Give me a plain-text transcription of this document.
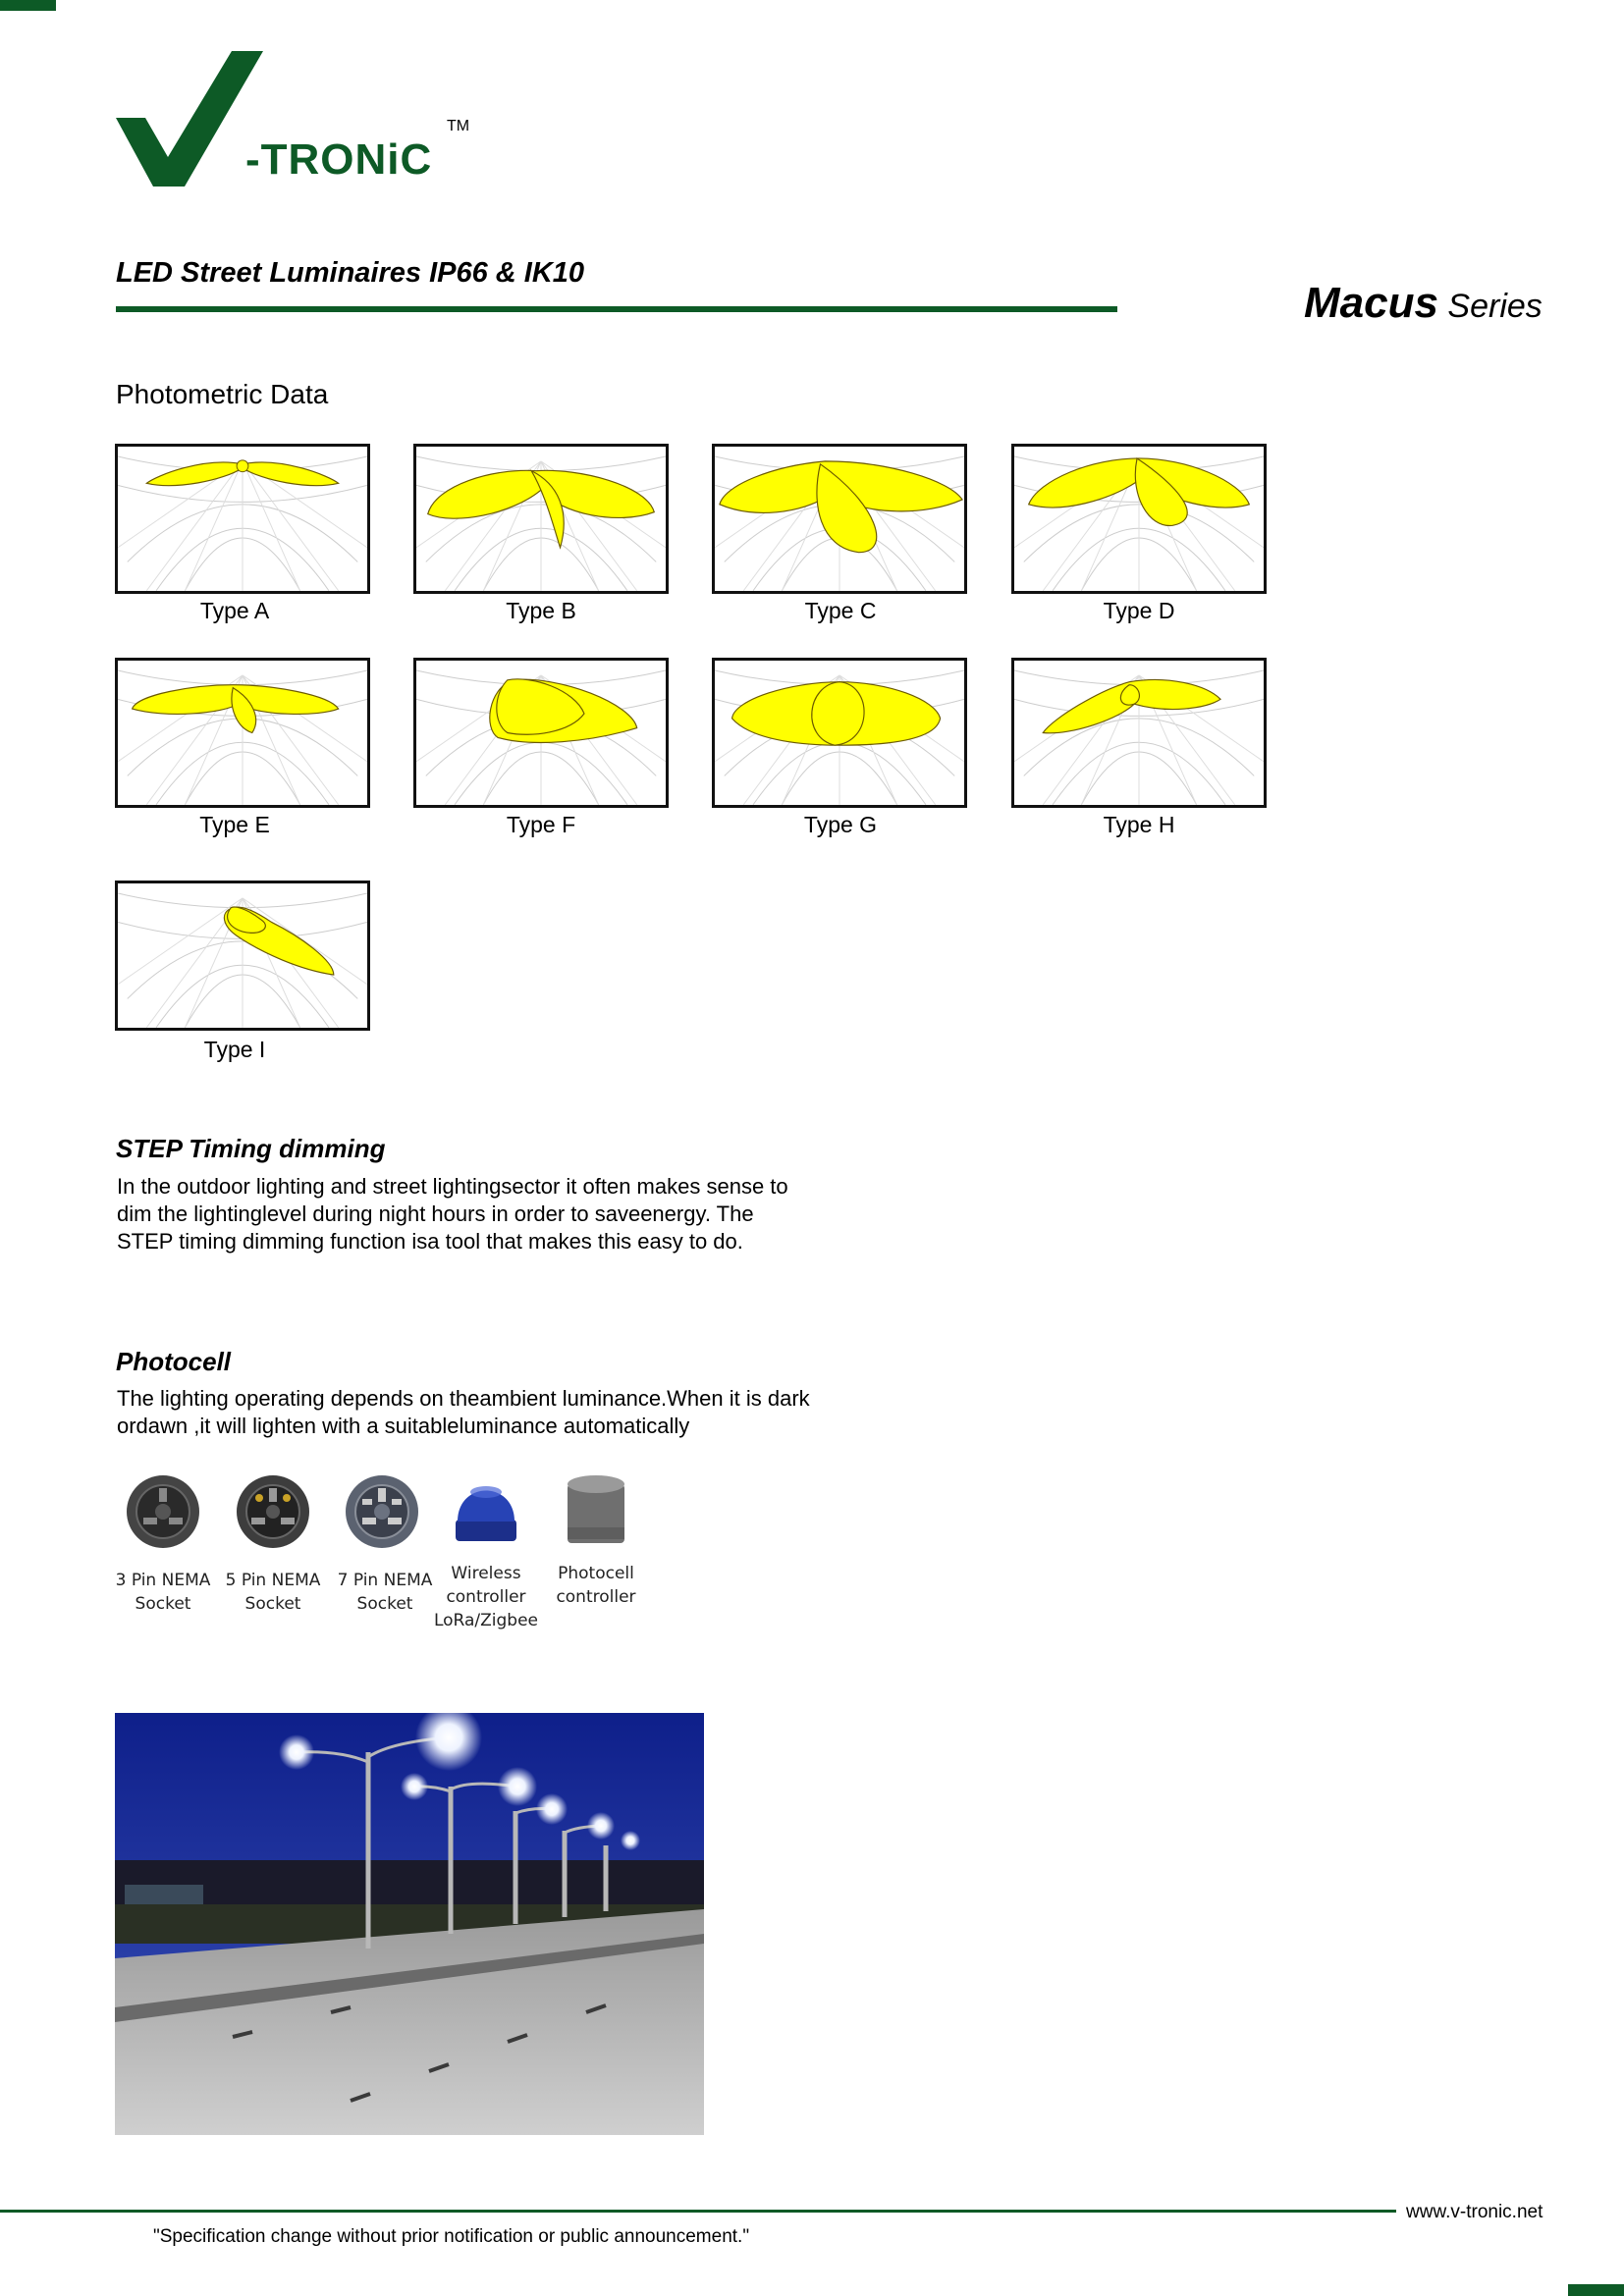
-TRONiC
TM
LED Street Luminaires IP66 & IK10
Macus Series
Photometric Data
Type A	Type B	Type C	Type D
Type E	Type F	Type G	Type H
Type I
STEP Timing dimming
In the outdoor lighting and street lightingsector it often makes sense to
dim the lightinglevel during night hours in order to saveenergy. The
STEP timing dimming function isa tool that makes this easy to do.
Photocell
The lighting operating depends on theambient luminance.When it is dark
ordawn ,it will lighten with a suitableluminance automatically
3 Pin NEMA
Socket
5 Pin NEMA
Socket
7 Pin NEMA
Socket
Wireless
controller
LoRa/Zigbee
Photocell
controller
www.v-tronic.net
"Specification change without prior notification or public announcement."
